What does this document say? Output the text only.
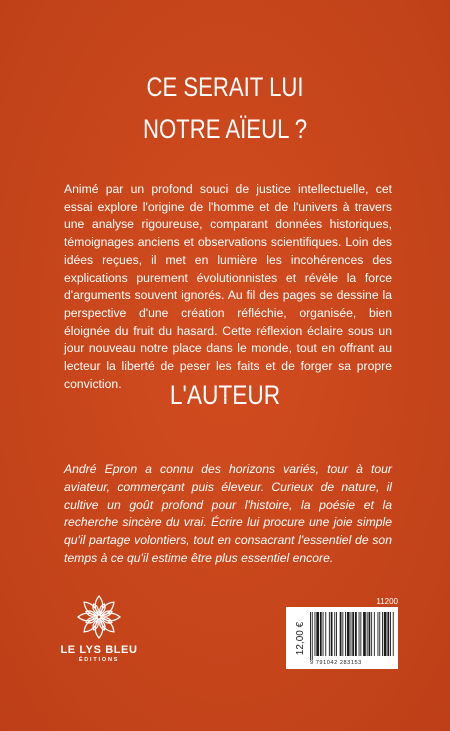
CE SERAIT LUI
NOTRE AÏEUL ?
Animé par un profond souci de justice intellectuelle, cet essai explore l'origine de l'homme et de l'univers à travers une analyse rigoureuse, comparant données historiques, témoignages anciens et observations scientifiques. Loin des idées reçues, il met en lumière les incohérences des explications purement évolutionnistes et révèle la force d'arguments souvent ignorés. Au fil des pages se dessine la perspective d'une création réfléchie, organisée, bien éloignée du fruit du hasard. Cette réflexion éclaire sous un jour nouveau notre place dans le monde, tout en offrant au lecteur la liberté de peser les faits et de forger sa propre conviction.	L'AUTEUR
André Epron a connu des horizons variés, tour à tour aviateur, commerçant puis éleveur. Curieux de nature, il cultive un goût profond pour l'histoire, la poésie et la recherche sincère du vrai. Écrire lui procure une joie simple qu'il partage volontiers, tout en consacrant l'essentiel de son temps à ce qu'il estime être plus essentiel encore.
LE LYS BLEU
ÉDITIONS
11200
12,00 €
9 791042 283153
